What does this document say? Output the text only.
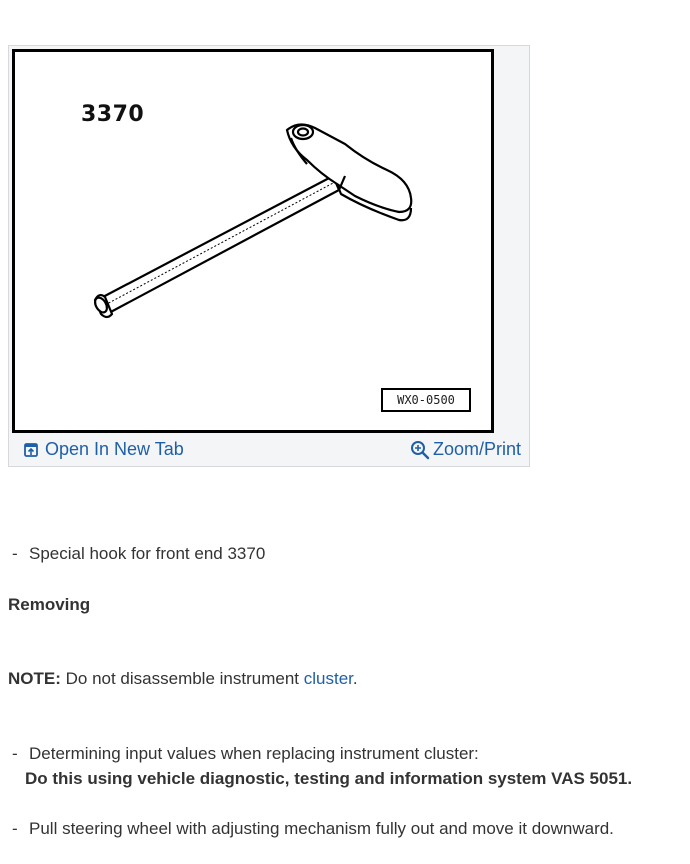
3370
WX0-0500
Open In New Tab	Zoom/Print
- Special hook for front end 3370
Removing
NOTE: Do not disassemble instrument cluster.
- Determining input values when replacing instrument cluster:
Do this using vehicle diagnostic, testing and information system VAS 5051.
- Pull steering wheel with adjusting mechanism fully out and move it downward.
